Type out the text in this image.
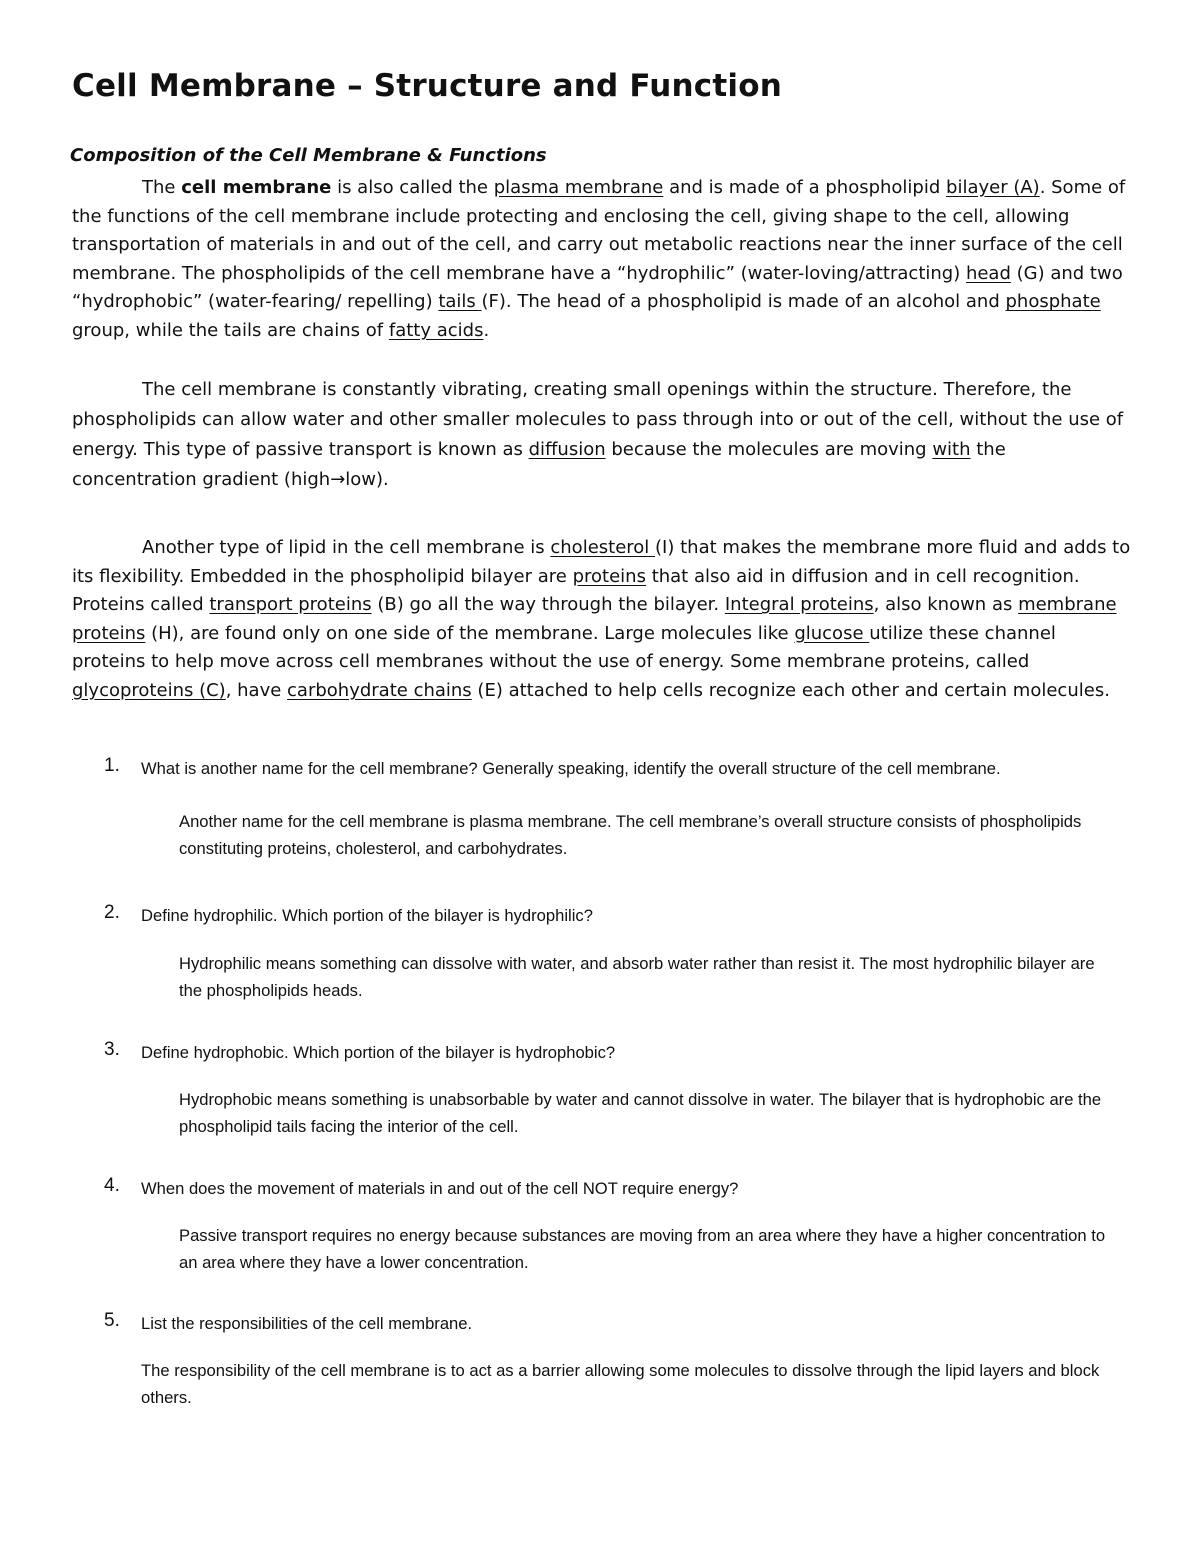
Cell Membrane – Structure and Function
Composition of the Cell Membrane & Functions

The cell membrane is also called the plasma membrane and is made of a phospholipid bilayer (A). Some of the functions of the cell membrane include protecting and enclosing the cell, giving shape to the cell, allowing transportation of materials in and out of the cell, and carry out metabolic reactions near the inner surface of the cell membrane. The phospholipids of the cell membrane have a “hydrophilic” (water-loving/attracting) head (G) and two “hydrophobic” (water-fearing/ repelling) tails (F). The head of a phospholipid is made of an alcohol and phosphate group, while the tails are chains of fatty acids.

The cell membrane is constantly vibrating, creating small openings within the structure. Therefore, the phospholipids can allow water and other smaller molecules to pass through into or out of the cell, without the use of energy. This type of passive transport is known as diffusion because the molecules are moving with the concentration gradient (high→low).

Another type of lipid in the cell membrane is cholesterol (I) that makes the membrane more fluid and adds to its flexibility. Embedded in the phospholipid bilayer are proteins that also aid in diffusion and in cell recognition. Proteins called transport proteins (B) go all the way through the bilayer. Integral proteins, also known as membrane proteins (H), are found only on one side of the membrane. Large molecules like glucose utilize these channel proteins to help move across cell membranes without the use of energy. Some membrane proteins, called glycoproteins (C), have carbohydrate chains (E) attached to help cells recognize each other and certain molecules.

1.	What is another name for the cell membrane? Generally speaking, identify the overall structure of the cell membrane.

Another name for the cell membrane is plasma membrane. The cell membrane’s overall structure consists of phospholipids constituting proteins, cholesterol, and carbohydrates.

2.	Define hydrophilic. Which portion of the bilayer is hydrophilic?

Hydrophilic means something can dissolve with water, and absorb water rather than resist it. The most hydrophilic bilayer are the phospholipids heads.

3.	Define hydrophobic. Which portion of the bilayer is hydrophobic?

Hydrophobic means something is unabsorbable by water and cannot dissolve in water. The bilayer that is hydrophobic are the phospholipid tails facing the interior of the cell.

4.	When does the movement of materials in and out of the cell NOT require energy?

Passive transport requires no energy because substances are moving from an area where they have a higher concentration to an area where they have a lower concentration.

5.	List the responsibilities of the cell membrane.

The responsibility of the cell membrane is to act as a barrier allowing some molecules to dissolve through the lipid layers and block others.
